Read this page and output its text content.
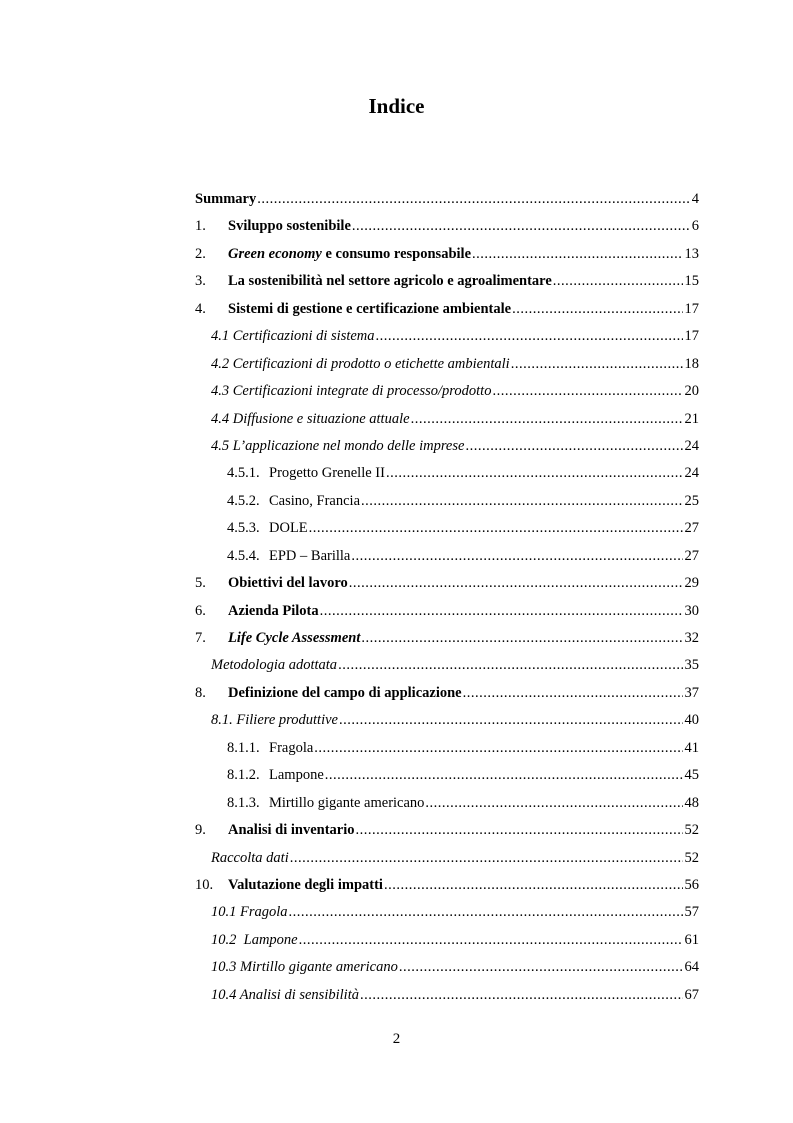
Indice
Summary .....	4
1.	Sviluppo sostenibile .....	6
2.	Green economy e consumo responsabile .....	13
3.	La sostenibilità nel settore agricolo e agroalimentare .....	15
4.	Sistemi di gestione e certificazione ambientale .....	17
4.1 Certificazioni di sistema .....	17
4.2 Certificazioni di prodotto o etichette ambientali .....	18
4.3 Certificazioni integrate di processo/prodotto .....	20
4.4 Diffusione e situazione attuale .....	21
4.5 L’applicazione nel mondo delle imprese .....	24
4.5.1. Progetto Grenelle II .....	24
4.5.2. Casino, Francia .....	25
4.5.3. DOLE .....	27
4.5.4. EPD – Barilla .....	27
5.	Obiettivi del lavoro .....	29
6.	Azienda Pilota .....	30
7.	Life Cycle Assessment .....	32
Metodologia adottata .....	35
8.	Definizione del campo di applicazione .....	37
8.1. Filiere produttive .....	40
8.1.1. Fragola .....	41
8.1.2. Lampone .....	45
8.1.3. Mirtillo gigante americano .....	48
9.	Analisi di inventario .....	52
Raccolta dati .....	52
10.	Valutazione degli impatti .....	56
10.1 Fragola .....	57
10.2  Lampone .....	61
10.3 Mirtillo gigante americano .....	64
10.4 Analisi di sensibilità .....	67
2
